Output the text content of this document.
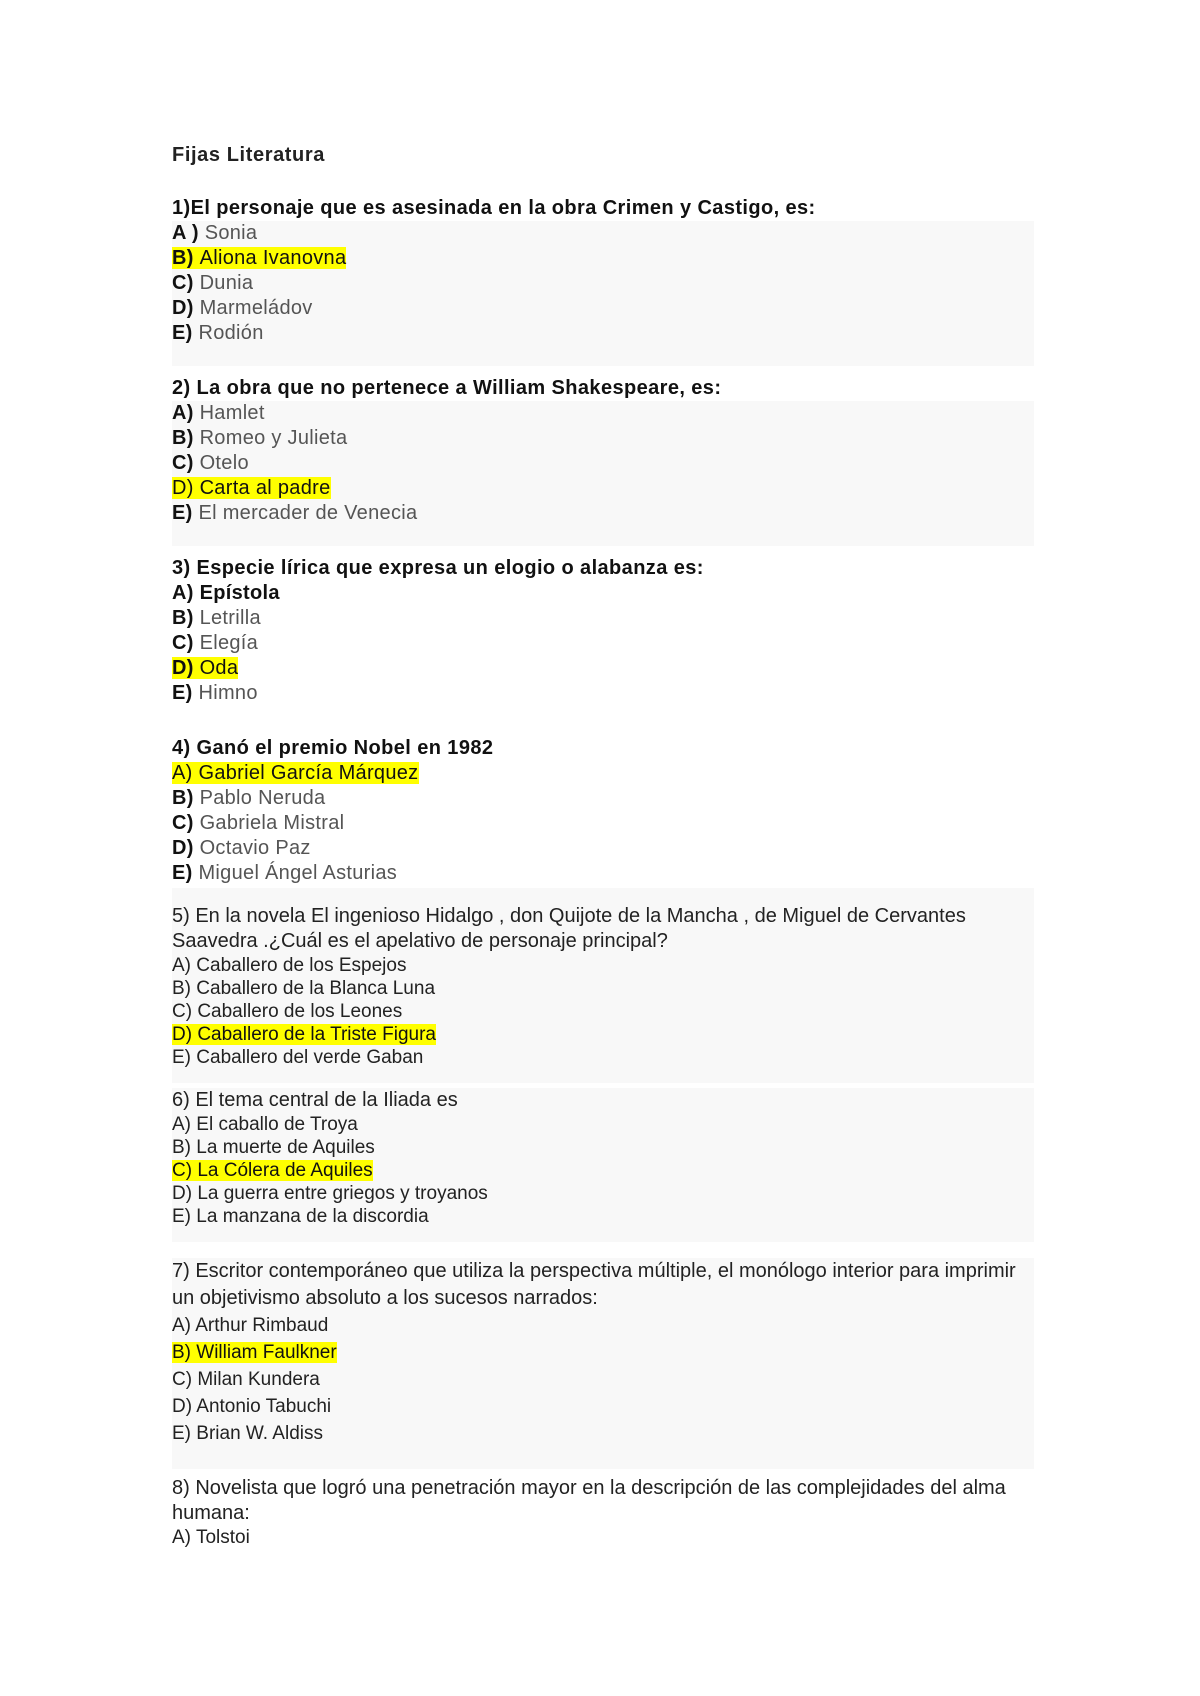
Fijas Literatura
1)El personaje que es asesinada en la obra Crimen y Castigo, es:
A ) Sonia
B) Aliona Ivanovna
C) Dunia
D) Marmeládov
E) Rodión
2) La obra que no pertenece a William Shakespeare, es:
A) Hamlet
B) Romeo y Julieta
C) Otelo
D) Carta al padre
E) El mercader de Venecia
3) Especie lírica que expresa un elogio o alabanza es:
A) Epístola
B) Letrilla
C) Elegía
D) Oda
E) Himno
4) Ganó el premio Nobel en 1982
A) Gabriel García Márquez
B) Pablo Neruda
C) Gabriela Mistral
D) Octavio Paz
E) Miguel Ángel Asturias
5) En la novela El ingenioso Hidalgo , don Quijote de la Mancha , de Miguel de Cervantes Saavedra .¿Cuál es el apelativo de personaje principal?
A) Caballero de los Espejos
B) Caballero de la Blanca Luna
C) Caballero de los Leones
D) Caballero de la Triste Figura
E) Caballero del verde Gaban
6) El tema central de la Iliada es
A) El caballo de Troya
B) La muerte de Aquiles
C) La Cólera de Aquiles
D) La guerra entre griegos y troyanos
E) La manzana de la discordia
7) Escritor contemporáneo que utiliza la perspectiva múltiple, el monólogo interior para imprimir un objetivismo absoluto a los sucesos narrados:
A) Arthur Rimbaud
B) William Faulkner
C) Milan Kundera
D) Antonio Tabuchi
E) Brian W. Aldiss
8) Novelista que logró una penetración mayor en la descripción de las complejidades del alma humana:
A) Tolstoi
